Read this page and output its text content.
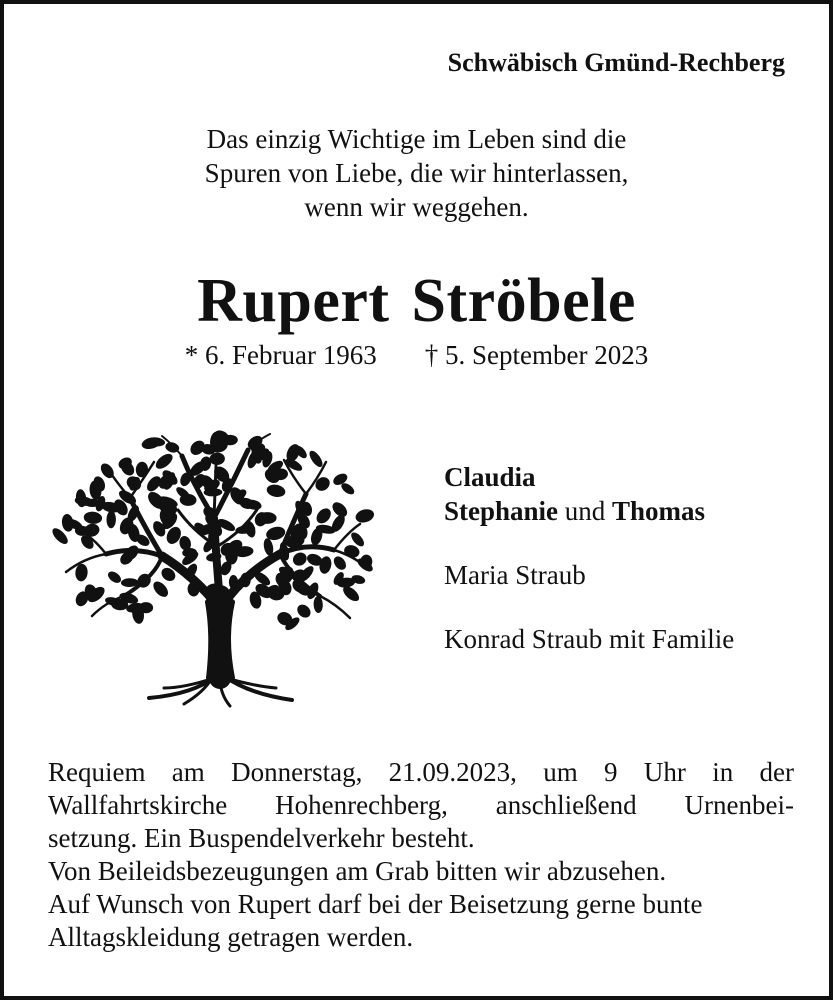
Schwäbisch Gmünd-Rechberg
Das einzig Wichtige im Leben sind die
Spuren von Liebe, die wir hinterlassen,
wenn wir weggehen.
Rupert Ströbele
* 6. Februar 1963 † 5. September 2023
Claudia
Stephanie und Thomas
Maria Straub
Konrad Straub mit Familie
Requiem am Donnerstag, 21.09.2023, um 9 Uhr in der
Wallfahrtskirche Hohenrechberg, anschließend Urnenbei-
setzung. Ein Buspendelverkehr besteht.
Von Beileidsbezeugungen am Grab bitten wir abzusehen.
Auf Wunsch von Rupert darf bei der Beisetzung gerne bunte
Alltagskleidung getragen werden.
